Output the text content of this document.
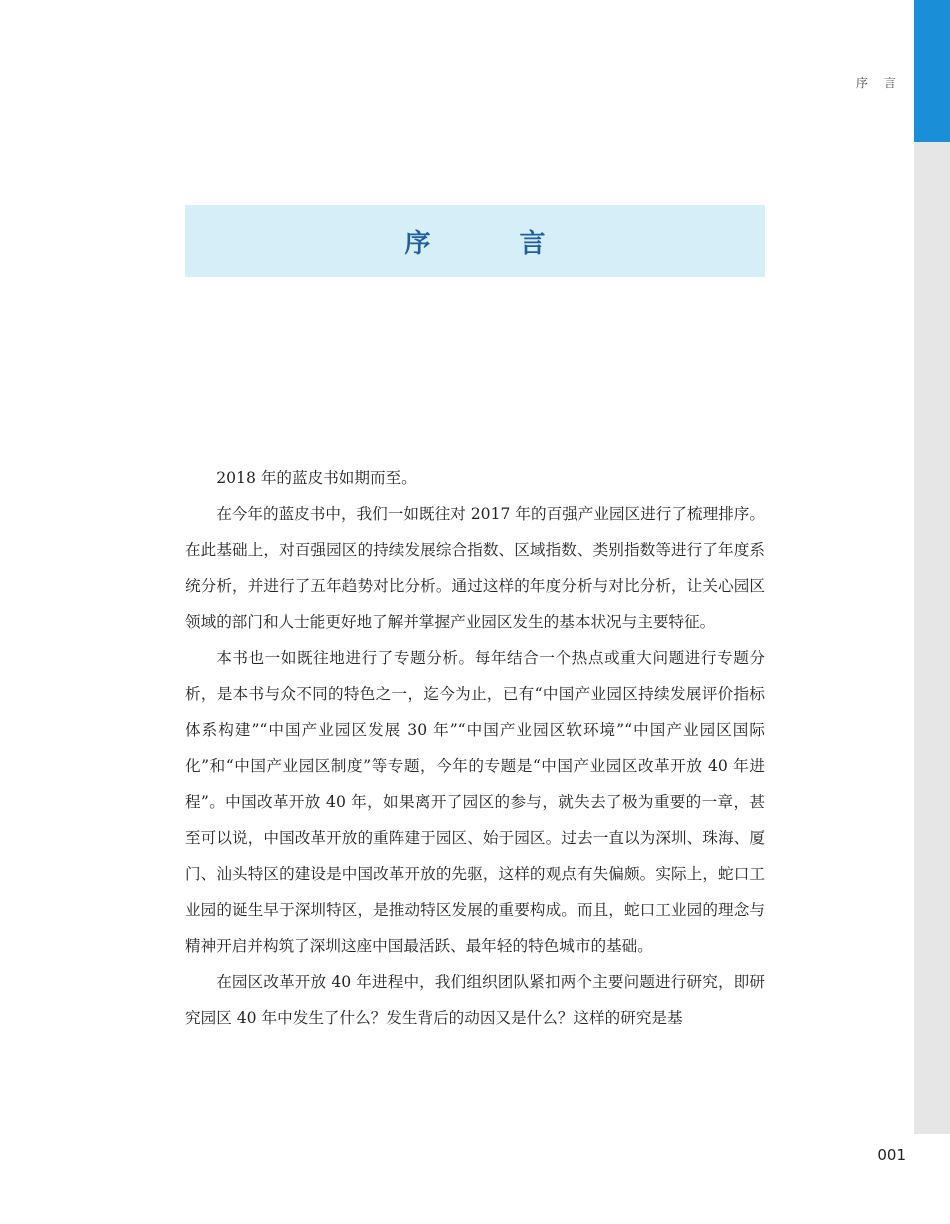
序 言
序 言

2018 年的蓝皮书如期而至。

在今年的蓝皮书中，我们一如既往对 2017 年的百强产业园区进行了梳理排序。在此基础上，对百强园区的持续发展综合指数、区域指数、类别指数等进行了年度系统分析，并进行了五年趋势对比分析。通过这样的年度分析与对比分析，让关心园区领域的部门和人士能更好地了解并掌握产业园区发生的基本状况与主要特征。

本书也一如既往地进行了专题分析。每年结合一个热点或重大问题进行专题分析，是本书与众不同的特色之一，迄今为止，已有“中国产业园区持续发展评价指标体系构建”“中国产业园区发展 30 年”“中国产业园区软环境”“中国产业园区国际化”和“中国产业园区制度”等专题，今年的专题是“中国产业园区改革开放 40 年进程”。中国改革开放 40 年，如果离开了园区的参与，就失去了极为重要的一章，甚至可以说，中国改革开放的重阵建于园区、始于园区。过去一直以为深圳、珠海、厦门、汕头特区的建设是中国改革开放的先驱，这样的观点有失偏颇。实际上，蛇口工业园的诞生早于深圳特区，是推动特区发展的重要构成。而且，蛇口工业园的理念与精神开启并构筑了深圳这座中国最活跃、最年轻的特色城市的基础。

在园区改革开放 40 年进程中，我们组织团队紧扣两个主要问题进行研究，即研究园区 40 年中发生了什么？发生背后的动因又是什么？这样的研究是基

001
